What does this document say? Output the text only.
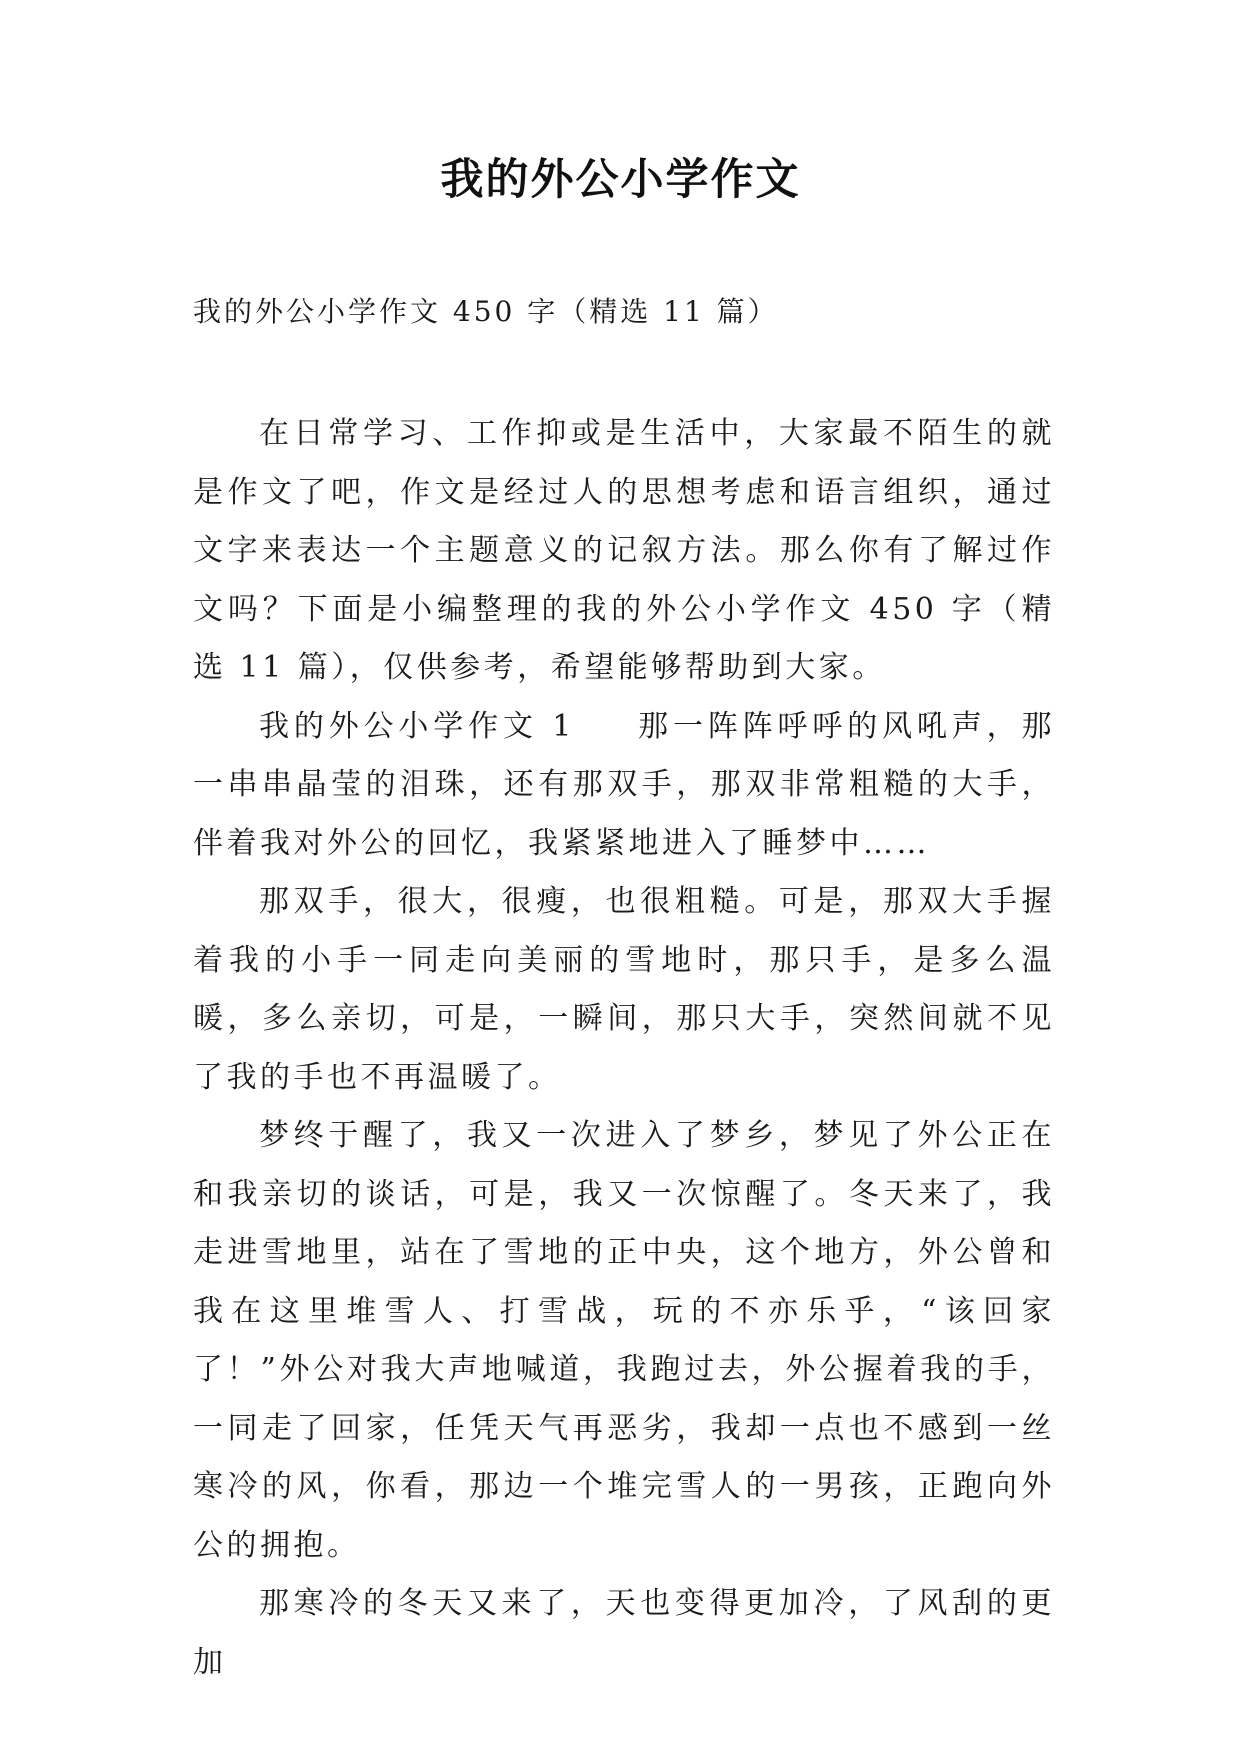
我的外公小学作文

我的外公小学作文 450 字（精选 11 篇）

在日常学习、工作抑或是生活中，大家最不陌生的就是作文了吧，作文是经过人的思想考虑和语言组织，通过文字来表达一个主题意义的记叙方法。那么你有了解过作文吗？下面是小编整理的我的外公小学作文 450 字（精选 11 篇），仅供参考，希望能够帮助到大家。

我的外公小学作文 1 那一阵阵呼呼的风吼声，那一串串晶莹的泪珠，还有那双手，那双非常粗糙的大手，伴着我对外公的回忆，我紧紧地进入了睡梦中……

那双手，很大，很瘦，也很粗糙。可是，那双大手握着我的小手一同走向美丽的雪地时，那只手，是多么温暖，多么亲切，可是，一瞬间，那只大手，突然间就不见了我的手也不再温暖了。

梦终于醒了，我又一次进入了梦乡，梦见了外公正在和我亲切的谈话，可是，我又一次惊醒了。冬天来了，我走进雪地里，站在了雪地的正中央，这个地方，外公曾和我在这里堆雪人、打雪战，玩的不亦乐乎，“该回家了！”外公对我大声地喊道，我跑过去，外公握着我的手，一同走了回家，任凭天气再恶劣，我却一点也不感到一丝寒冷的风，你看，那边一个堆完雪人的一男孩，正跑向外公的拥抱。

那寒冷的冬天又来了，天也变得更加冷，了风刮的更加
